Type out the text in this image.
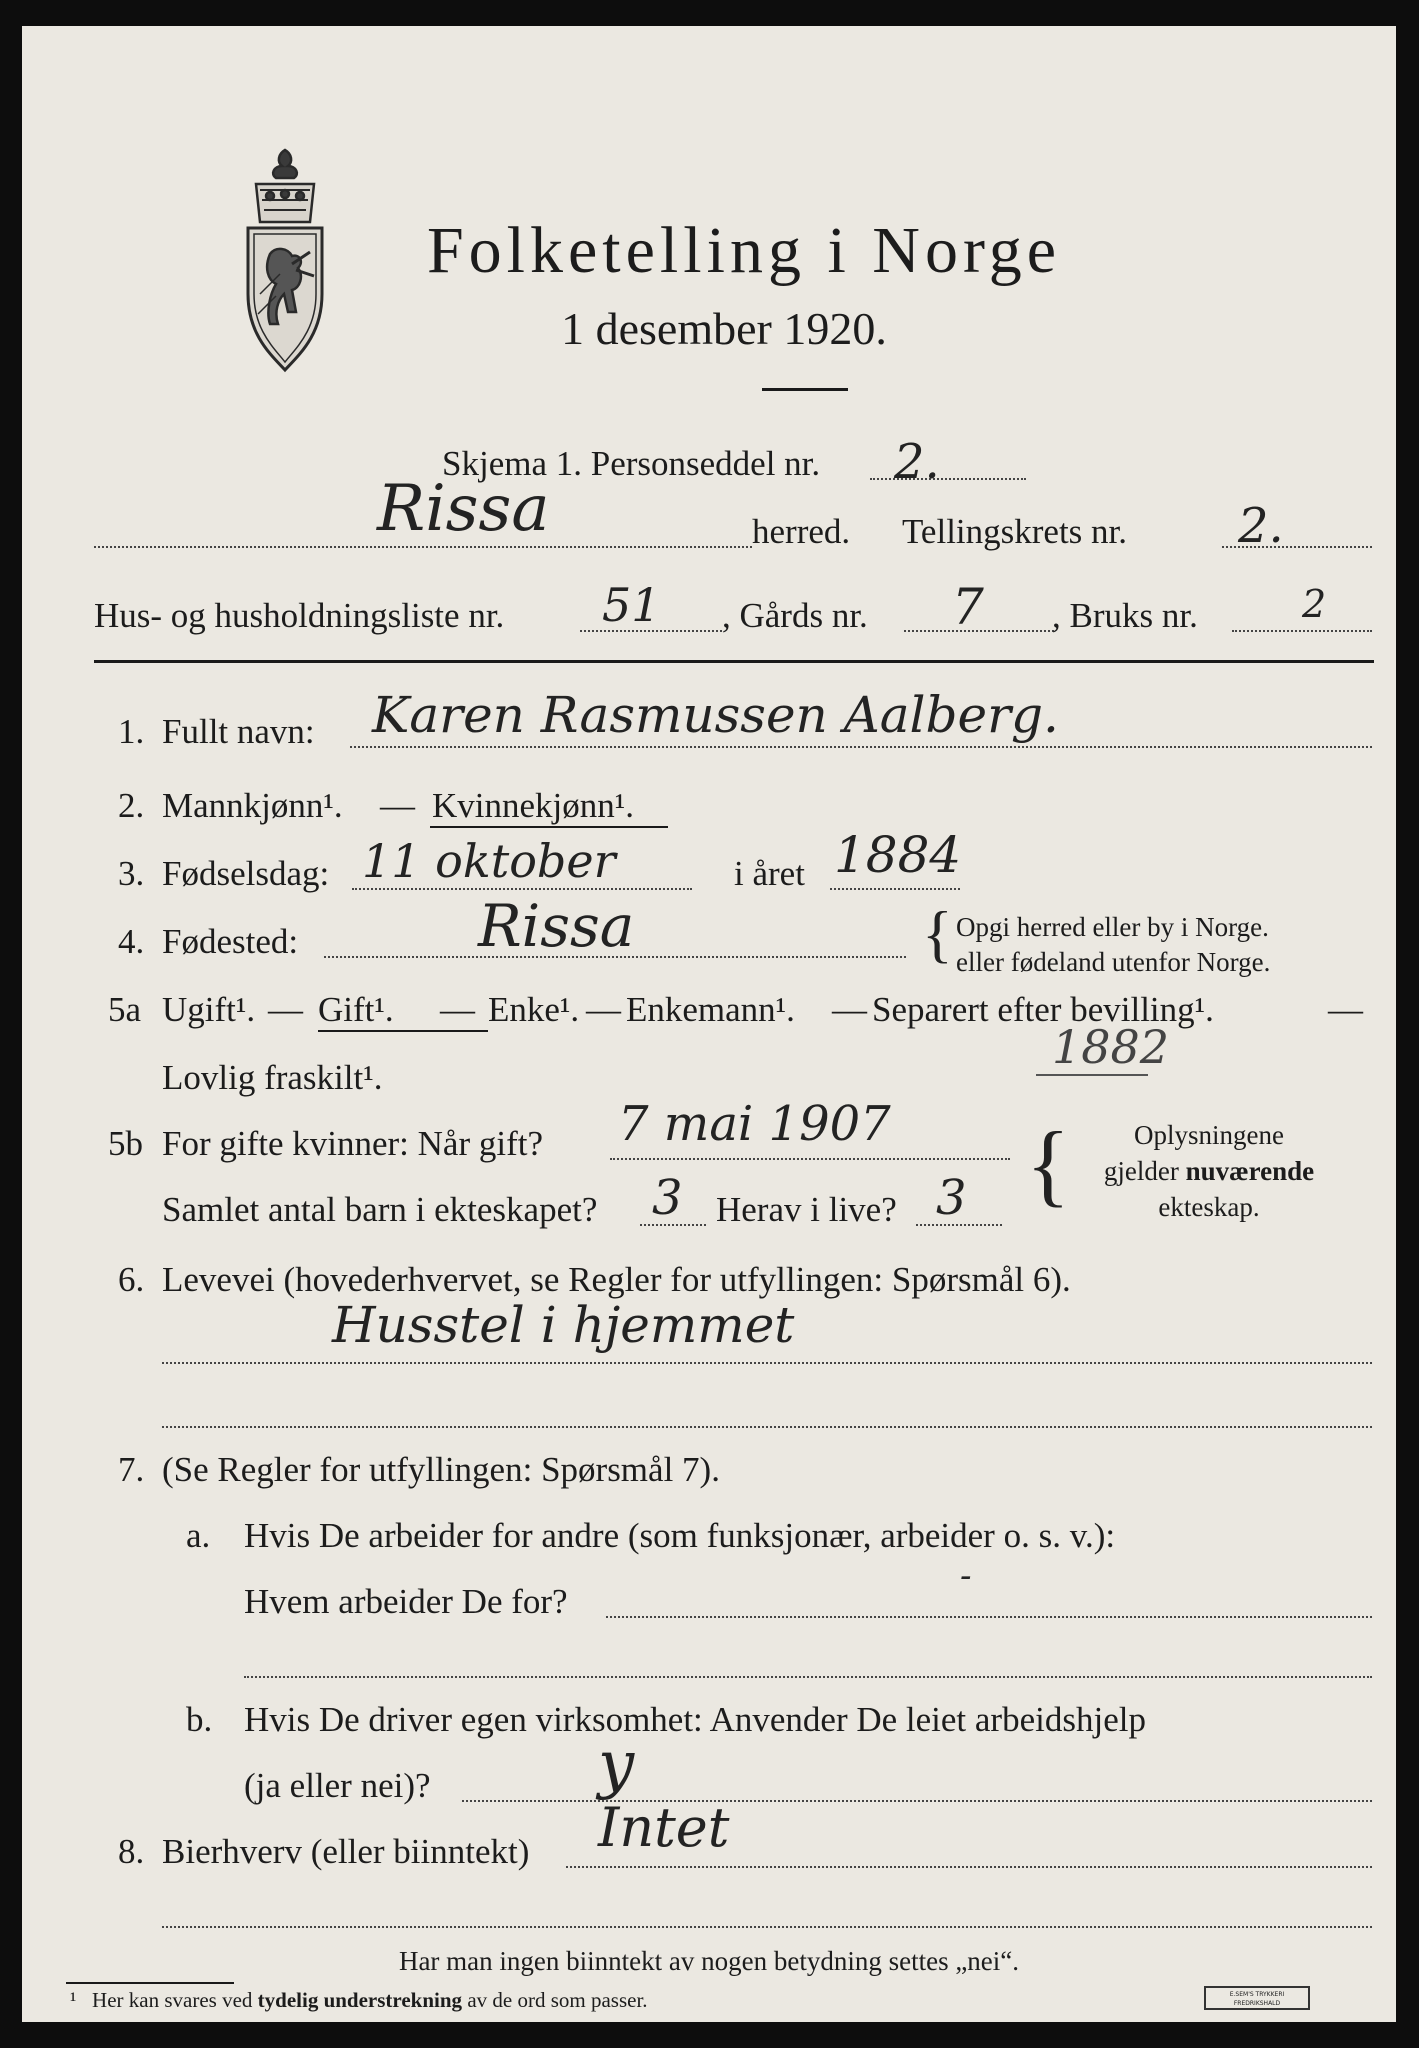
Folketelling i Norge
1 desember 1920.
Skjema 1. Personseddel nr. 2.
Rissa	herred. Tellingskrets nr. 2.
Hus- og husholdningsliste nr. 51 , Gårds nr. 7 , Bruks nr.	2
1. Fullt navn: Karen Rasmussen Aalberg.
2. Mannkjønn¹. — Kvinnekjønn¹.
3. Fødselsdag: 11 oktober	i året 1884
4. Fødested:	Rissa	{ Opgi herred eller by i Norge.
eller fødeland utenfor Norge.
5a Ugift¹. — Gift¹. — Enke¹. — Enkemann¹. — Separert efter bevilling¹.	—
Lovlig fraskilt¹.
1882
5b For gifte kvinner: Når gift? 7 mai 1907
Samlet antal barn i ekteskapet? 3 Herav i live? 3 {	Oplysningene
gjelder nuværende
ekteskap.
6. Levevei (hovederhvervet, se Regler for utfyllingen: Spørsmål 6).
Husstel i hjemmet
7. (Se Regler for utfyllingen: Spørsmål 7).
a. Hvis De arbeider for andre (som funksjonær, arbeider o. s. v.):
Hvem arbeider De for?
-
b. Hvis De driver egen virksomhet: Anvender De leiet arbeidshjelp
(ja eller nei)?	y
8. Bierhverv (eller biinntekt) Intet
Har man ingen biinntekt av nogen betydning settes „nei“.
¹ Her kan svares ved tydelig understrekning av de ord som passer.	E.SEM'S TRYKKERI FREDRIKSHALD
